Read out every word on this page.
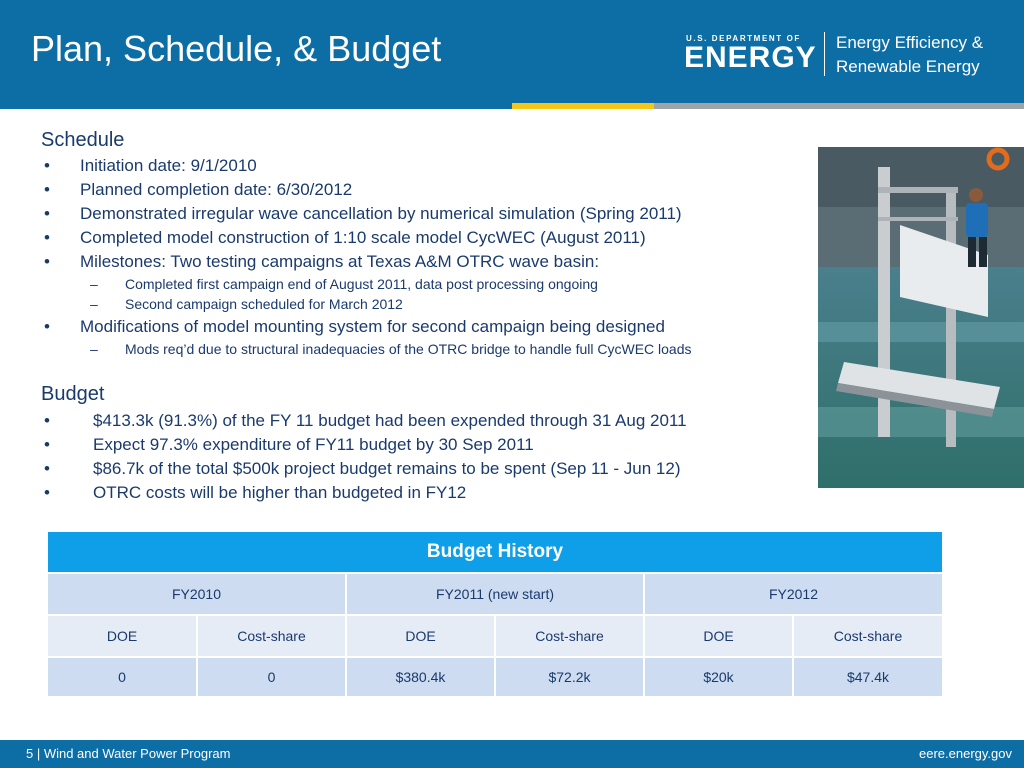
Plan, Schedule, & Budget	U.S. DEPARTMENT OF
ENERGY Energy Efficiency &
Renewable Energy
Schedule
• Initiation date: 9/1/2010
• Planned completion date: 6/30/2012
• Demonstrated irregular wave cancellation by numerical simulation (Spring 2011)
• Completed model construction of 1:10 scale model CycWEC (August 2011)
• Milestones: Two testing campaigns at Texas A&M OTRC wave basin:
– Completed first campaign end of August 2011, data post processing ongoing
– Second campaign scheduled for March 2012
• Modifications of model mounting system for second campaign being designed
– Mods req’d due to structural inadequacies of the OTRC bridge to handle full CycWEC loads
Budget
•	$413.3k (91.3%) of the FY 11 budget had been expended through 31 Aug 2011
•	Expect 97.3% expenditure of FY11 budget by 30 Sep 2011
•	$86.7k of the total $500k project budget remains to be spent (Sep 11 - Jun 12)
•	OTRC costs will be higher than budgeted in FY12
Budget History					
FY2010		FY2011 (new start)		FY2012	
DOE	Cost-share	DOE	Cost-share	DOE	Cost-share
0	0	$380.4k	$72.2k	$20k	$47.4k
5 | Wind and Water Power Program	eere.energy.gov
